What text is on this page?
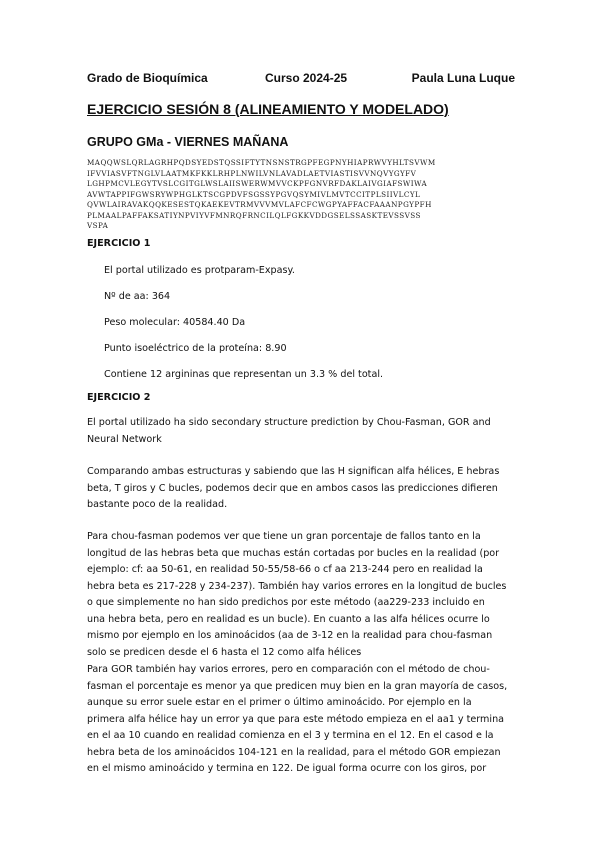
Grado de Bioquímica	Curso 2024-25	Paula Luna Luque
EJERCICIO SESIÓN 8 (ALINEAMIENTO Y MODELADO)
GRUPO GMa - VIERNES MAÑANA
MAQQWSLQRLAGRHPQDSYEDSTQSSIFTYTNSNSTRGPFEGPNYHIAPRWVYHLTSVWM
IFVVIASVFTNGLVLAATMKFKKLRHPLNWILVNLAVADLAETVIASTISVVNQVYGYFV
LGHPMCVLEGYTVSLCGITGLWSLAIISWERWMVVCKPFGNVRFDAKLAIVGIAFSWIWA
AVWTAPPIFGWSRYWPHGLKTSCGPDVFSGSSYPGVQSYMIVLMVTCCITPLSIIVLCYL
QVWLAIRAVAKQQKESESTQKAEKEVTRMVVVMVLAFCFCWGPYAFFACFAAANPGYPFH
PLMAALPAFFAKSATIYNPVIYVFMNRQFRNCILQLFGKKVDDGSELSSASKTEVSSVSS
VSPA
EJERCICIO 1
El portal utilizado es protparam-Expasy.
Nº de aa: 364
Peso molecular: 40584.40 Da
Punto isoeléctrico de la proteína: 8.90
Contiene 12 argininas que representan un 3.3 % del total.
EJERCICIO 2
El portal utilizado ha sido secondary structure prediction by Chou-Fasman, GOR and
Neural Network
Comparando ambas estructuras y sabiendo que las H significan alfa hélices, E hebras
beta, T giros y C bucles, podemos decir que en ambos casos las predicciones difieren
bastante poco de la realidad.
Para chou-fasman podemos ver que tiene un gran porcentaje de fallos tanto en la
longitud de las hebras beta que muchas están cortadas por bucles en la realidad (por
ejemplo: cf: aa 50-61, en realidad 50-55/58-66 o cf aa 213-244 pero en realidad la
hebra beta es 217-228 y 234-237). También hay varios errores en la longitud de bucles
o que simplemente no han sido predichos por este método (aa229-233 incluido en
una hebra beta, pero en realidad es un bucle). En cuanto a las alfa hélices ocurre lo
mismo por ejemplo en los aminoácidos (aa de 3-12 en la realidad para chou-fasman
solo se predicen desde el 6 hasta el 12 como alfa hélices
Para GOR también hay varios errores, pero en comparación con el método de chou-
fasman el porcentaje es menor ya que predicen muy bien en la gran mayoría de casos,
aunque su error suele estar en el primer o último aminoácido. Por ejemplo en la
primera alfa hélice hay un error ya que para este método empieza en el aa1 y termina
en el aa 10 cuando en realidad comienza en el 3 y termina en el 12. En el casod e la
hebra beta de los aminoácidos 104-121 en la realidad, para el método GOR empiezan
en el mismo aminoácido y termina en 122. De igual forma ocurre con los giros, por
